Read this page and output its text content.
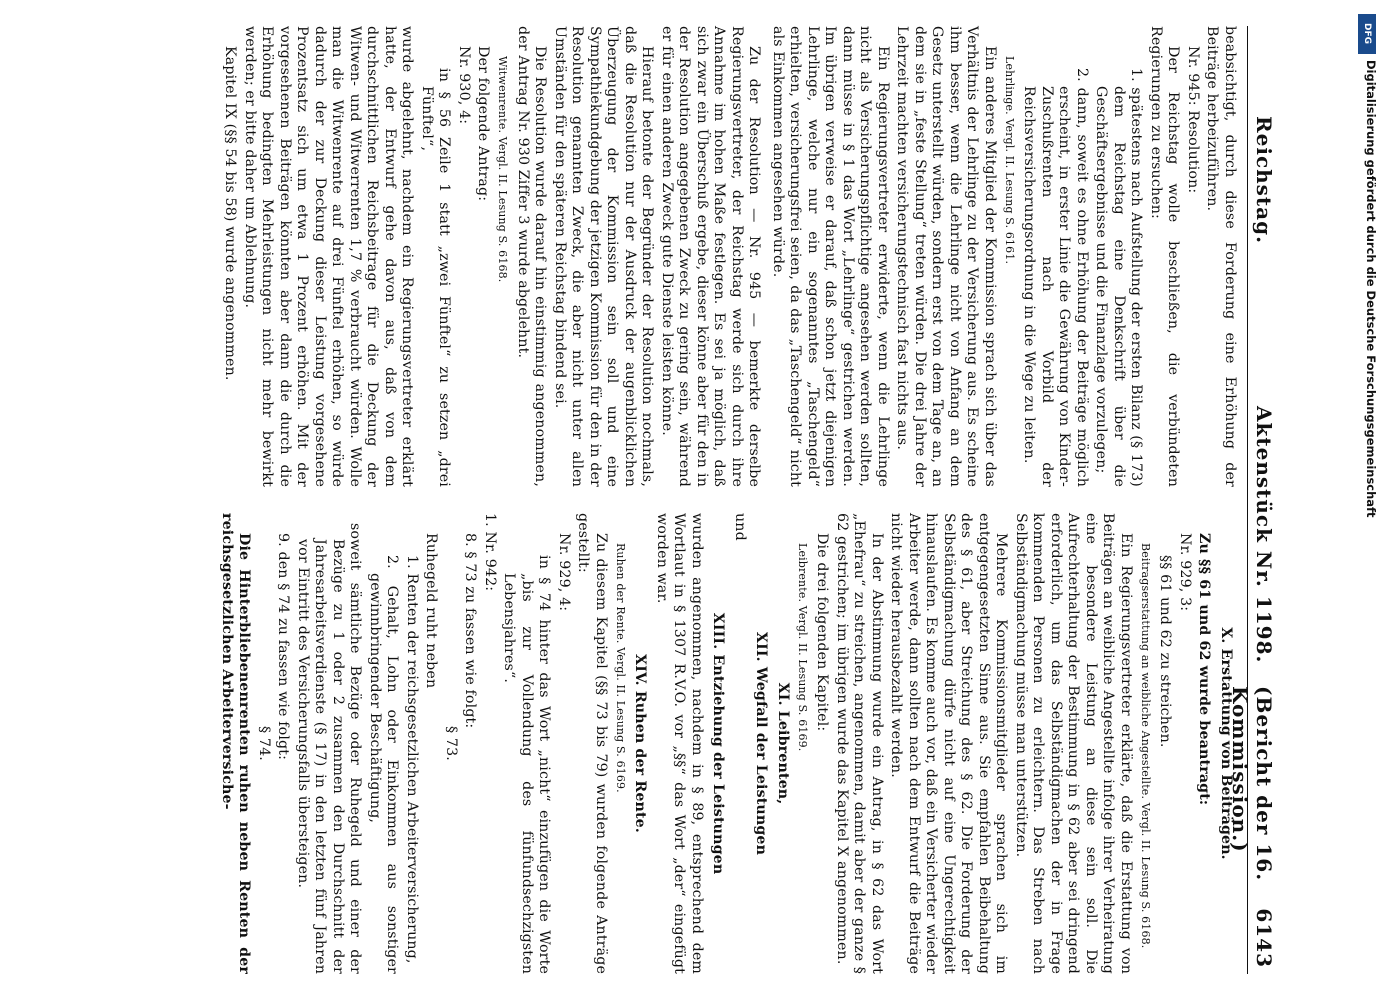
Reichstag.
Aktenstück Nr. 1198.
(Bericht der 16. Kommission.)
6143

beabsichtigt, durch diese Forderung eine Erhöhung der Beiträge herbeizuführen.

Nr. 945: Resolution:

Der Reichstag wolle beschließen, die verbündeten Regierungen zu ersuchen:

1. spätestens nach Aufstellung der ersten Bilanz (§ 173) dem Reichstag eine Denkschrift über die Geschäftsergebnisse und die Finanzlage vorzulegen;

2. dann, soweit es ohne Erhöhung der Beiträge möglich erscheint, in erster Linie die Gewährung von Kinder-Zuschußrenten nach Vorbild der Reichsversicherungsordnung in die Wege zu leiten.

Lehrlinge. Vergl. II. Lesung S. 6161.

Ein anderes Mitglied der Kommission sprach sich über das Verhältnis der Lehrlinge zu der Versicherung aus. Es scheine ihm besser, wenn die Lehrlinge nicht von Anfang an dem Gesetz unterstellt würden, sondern erst von dem Tage an, an dem sie in „feste Stellung“ treten würden. Die drei Jahre der Lehrzeit machten versicherungstechnisch fast nichts aus.

Ein Regierungsvertreter erwiderte, wenn die Lehrlinge nicht als Versicherungspflichtige angesehen werden sollten, dann müsse in § 1 das Wort „Lehrlinge“ gestrichen werden. Im übrigen verweise er darauf, daß schon jetzt diejenigen Lehrlinge, welche nur ein sogenanntes „Taschengeld“ erhielten, versicherungsfrei seien, da das „Taschengeld“ nicht als Einkommen angesehen würde.

Zu der Resolution — Nr. 945 — bemerkte derselbe Regierungsvertreter, der Reichstag werde sich durch ihre Annahme im hohen Maße festlegen. Es sei ja möglich, daß sich zwar ein Überschuß ergebe, dieser könne aber für den in der Resolution angegebenen Zweck zu gering sein, während er für einen anderen Zweck gute Dienste leisten könne.

Hierauf betonte der Begründer der Resolution nochmals, daß die Resolution nur der Ausdruck der augenblicklichen Überzeugung der Kommission sein soll und eine Sympathiekundgebung der jetzigen Kommission für den in der Resolution genannten Zweck, die aber nicht unter allen Umständen für den späteren Reichstag bindend sei.

Die Resolution wurde darauf hin einstimmig angenommen, der Antrag Nr. 930 Ziffer 3 wurde abgelehnt.

Witwenrente. Vergl. II. Lesung S. 6168.

Der folgende Antrag:

Nr. 930, 4:

in § 56 Zeile 1 statt „zwei Fünftel“ zu setzen „drei Fünftel“,

wurde abgelehnt, nachdem ein Regierungsvertreter erklärt hatte, der Entwurf gehe davon aus, daß von dem durchschnittlichen Reichsbeitrage für die Deckung der Witwen- und Witwerrenten 1,7 % verbraucht würden. Wolle man die Witwenrente auf drei Fünftel erhöhen, so würde dadurch der zur Deckung dieser Leistung vorgesehene Prozentsatz sich um etwa 1 Prozent erhöhen. Mit der vorgesehenen Beiträgen könnten aber dann die durch die Erhöhung bedingten Mehrleistungen nicht mehr bewirkt werden; er bitte daher um Ablehnung.

Kapitel IX (§§ 54 bis 58) wurde angenommen.

X. Erstattung von Beiträgen.

Zu §§ 61 und 62 wurde beantragt:

Nr. 929, 3:

§§ 61 und 62 zu streichen.

Beitragserstattung an weibliche Angestellte. Vergl. II. Lesung S. 6168.

Ein Regierungsvertreter erklärte, daß die Erstattung von Beiträgen an weibliche Angestellte infolge ihrer Verheiratung eine besondere Leistung an diese sein soll. Die Aufrechterhaltung der Bestimmung in § 62 aber sei dringend erforderlich, um das Selbständigmachen der in Frage kommenden Personen zu erleichtern. Das Streben nach Selbständigmachung müsse man unterstützen.

Mehrere Kommissionsmitglieder sprachen sich im entgegengesetzten Sinne aus. Sie empfahlen Beibehaltung des § 61, aber Streichung des § 62. Die Forderung der Selbständigmachung dürfe nicht auf eine Ungerechtigkeit hinauslaufen. Es komme auch vor, daß ein Versicherter wieder Arbeiter werde, dann sollten nach dem Entwurf die Beiträge nicht wieder herausbezahlt werden.

In der Abstimmung wurde ein Antrag, in § 62 das Wort „Ehefrau“ zu streichen, angenommen, damit aber der ganze § 62 gestrichen; im übrigen wurde das Kapitel X angenommen.

Die drei folgenden Kapitel:

Leibrente. Vergl. II. Lesung S. 6169.

XI. Leibrenten,

XII. Wegfall der Leistungen

und

XIII. Entziehung der Leistungen

wurden angenommen, nachdem in § 89, entsprechend dem Wortlaut in § 1307 R.V.O. vor „§§“ das Wort „der“ eingefügt worden war.

XIV. Ruhen der Rente.

Ruhen der Rente. Vergl. II. Lesung S. 6169.

Zu diesem Kapitel (§§ 73 bis 79) wurden folgende Anträge gestellt:

Nr. 929, 4:

in § 74 hinter das Wort „nicht“ einzufügen die Worte „bis zur Vollendung des fünfundsechzigsten Lebensjahres“.

1. Nr. 942:

8. § 73 zu fassen wie folgt:

§ 73.

Ruhegeld ruht neben

1. Renten der reichsgesetzlichen Arbeiterversicherung,

2. Gehalt, Lohn oder Einkommen aus sonstiger gewinnbringender Beschäftigung,

soweit sämtliche Bezüge oder Ruhegeld und einer der Bezüge zu 1 oder 2 zusammen den Durchschnitt der Jahresarbeitsverdienste (§ 17) in den letzten fünf Jahren vor Eintritt des Versicherungsfalls übersteigen.

9. den § 74 zu fassen wie folgt:

§ 74.

Die Hinterbliebenenrenten ruhen neben Renten der reichsgesetzlichen Arbeiterversiche-

DFG
Digitalisierung gefördert durch die Deutsche Forschungsgemeinschaft
